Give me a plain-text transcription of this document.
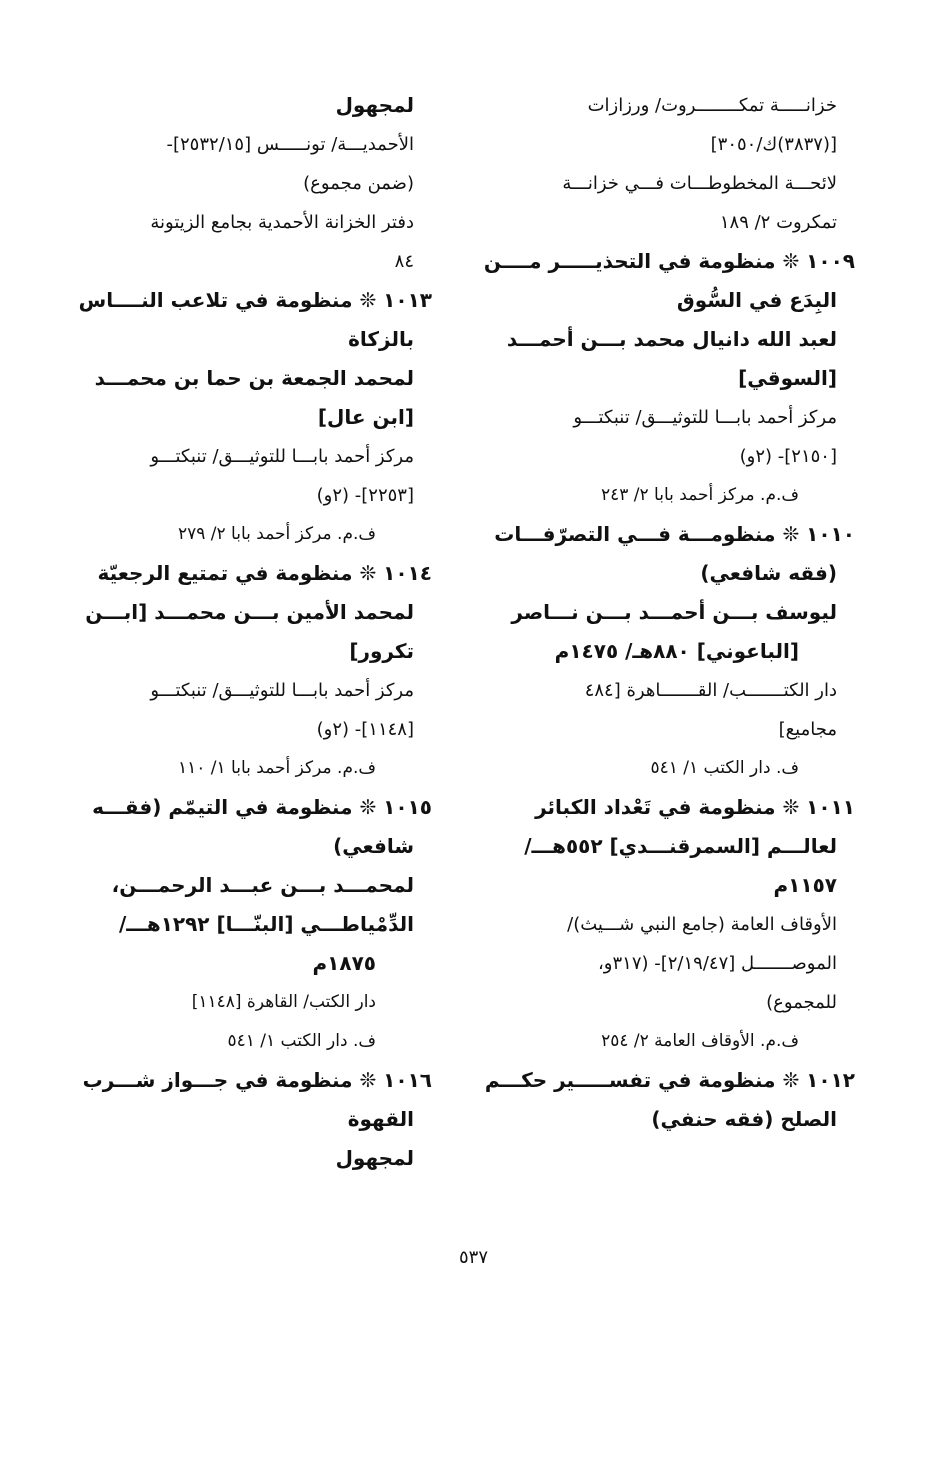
خزانـــــة تمكــــــــروت/ ورزازات
[(٣٨٣٧)ك/٣٠٥٠]
لائحـــة المخطوطـــات فـــي خزانـــة
تمكروت ٢/ ١٨٩
١٠٠٩ ❊ منظومة في التحذيـــــر مــــن
البِدَع في السُّوق
لعبد الله دانيال محمد بـــن أحمـــد
[السوقي]
مركز أحمد بابـــا للتوثيـــق/ تنبكتـــو
[٢١٥٠]- (٢و)
ف.م. مركز أحمد بابا ٢/ ٢٤٣
١٠١٠ ❊ منظومـــة فـــي التصرّفـــات
(فقه شافعي)
ليوسف بـــن أحمـــد بـــن نـــاصر
[الباعوني] ٨٨٠هـ/ ١٤٧٥م
دار الكتـــــــب/ القـــــــاهرة [٤٨٤
مجاميع]
ف. دار الكتب ١/ ٥٤١
١٠١١ ❊ منظومة في تَعْداد الكبائر
لعالـــم [السمرقنـــدي] ٥٥٢هـــ/
١١٥٧م
الأوقاف العامة (جامع النبي شـــيث)/
الموصـــــــل [٢/١٩/٤٧]- (٣١٧و،
للمجموع)
ف.م. الأوقاف العامة ٢/ ٢٥٤
١٠١٢ ❊ منظومة في تفســـــير حكـــم
الصلح (فقه حنفي)
لمجهول
الأحمديـــة/ تونـــــس [٢٥٣٢/١٥]-
(ضمن مجموع)
دفتر الخزانة الأحمدية بجامع الزيتونة
٨٤
١٠١٣ ❊ منظومة في تلاعب النــــاس
بالزكاة
لمحمد الجمعة بن حما بن محمـــد
[ابن عال]
مركز أحمد بابـــا للتوثيـــق/ تنبكتـــو
[٢٢٥٣]- (٢و)
ف.م. مركز أحمد بابا ٢/ ٢٧٩
١٠١٤ ❊ منظومة في تمتيع الرجعيّة
لمحمد الأمين بـــن محمـــد [ابـــن
تكرور]
مركز أحمد بابـــا للتوثيـــق/ تنبكتـــو
[١١٤٨]- (٢و)
ف.م. مركز أحمد بابا ١/ ١١٠
١٠١٥ ❊ منظومة في التيمّم (فقـــه
شافعي)
لمحمـــد بـــن عبـــد الرحمـــن،
الدِّمْياطـــي [البنّـــا] ١٢٩٢هـــ/
١٨٧٥م
دار الكتب/ القاهرة [١١٤٨]
ف. دار الكتب ١/ ٥٤١
١٠١٦ ❊ منظومة في جـــواز شـــرب
القهوة
لمجهول
٥٣٧
